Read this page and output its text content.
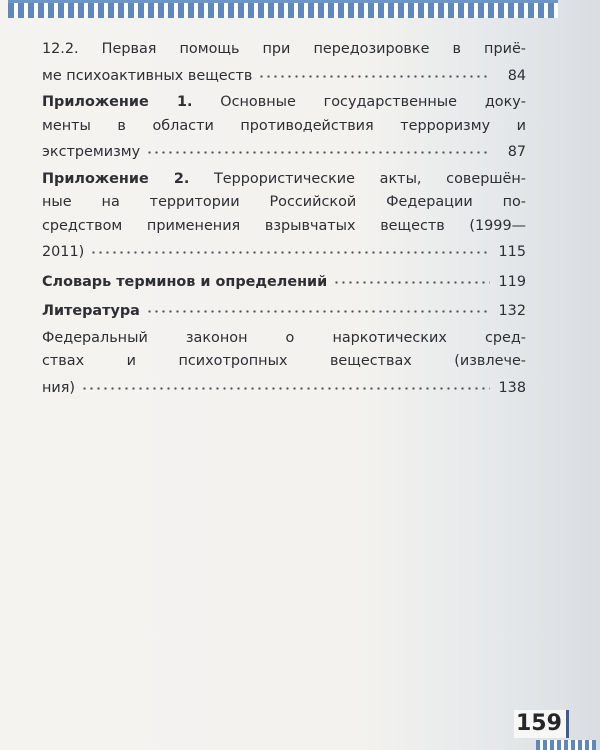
12.2. Первая помощь при передозировке в приё-
ме психоактивных веществ	84
Приложение 1. Основные государственные доку-
менты в области противодействия терроризму и
экстремизму	87
Приложение 2. Террористические акты, совершён-
ные на территории Российской Федерации по-
средством применения взрывчатых веществ (1999—
2011)	115
Словарь терминов и определений	119
Литература	132
Федеральный законон о наркотических сред-
ствах и психотропных веществах (извлече-
ния)	138
159
